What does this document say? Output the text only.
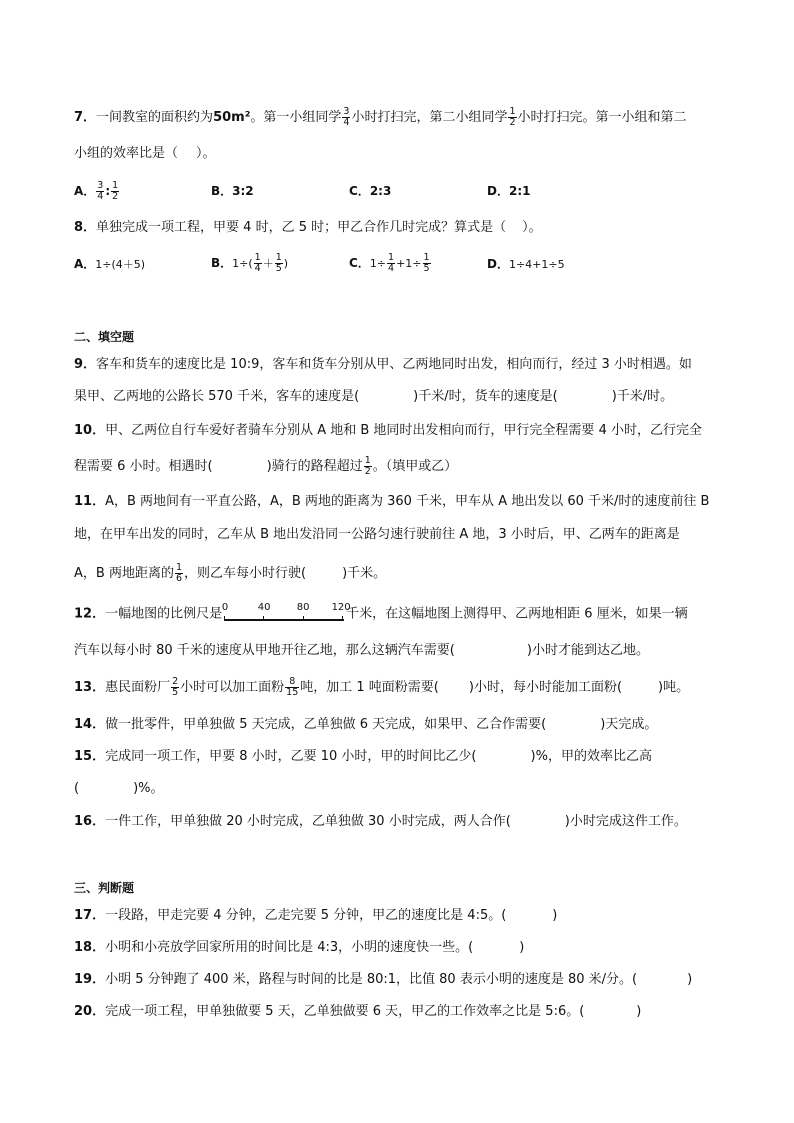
7．一间教室的面积约为50m²。第一小组同学 $\frac{3}{4}$ 小时打扫完，第二小组同学 $\frac{1}{2}$ 小时打扫完。第一小组和第二
小组的效率比是（ ）。
A． $\frac{3}{4}$ : $\frac{1}{2}$	B．3:2	C．2:3	D．2:1
8．单独完成一项工程，甲要 4 时，乙 5 时；甲乙合作几时完成？算式是（ ）。
A．1÷(4＋5)	B．$1\div( \frac{1}{4} + \frac{1}{5}$ )	C．$1\div \frac{1}{4} +1\div \frac{1}{5}$	D．1÷4+1÷5
二、填空题
9．客车和货车的速度比是 10:9，客车和货车分别从甲、乙两地同时出发，相向而行，经过 3 小时相遇。如
果甲、乙两地的公路长 570 千米，客车的速度是(	)千米/时，货车的速度是(	)千米/时。
10．甲、乙两位自行车爱好者骑车分别从 A 地和 B 地同时出发相向而行，甲行完全程需要 4 小时，乙行完全
程需要 6 小时。相遇时(	)骑行的路程超过 $\frac{1}{2}$ 。（填甲或乙）
11．A，B 两地间有一平直公路，A，B 两地的距离为 360 千米，甲车从 A 地出发以 60 千米/时的速度前往 B
地，在甲车出发的同时，乙车从 B 地出发沿同一公路匀速行驶前往 A 地，3 小时后，甲、乙两车的距离是
A，B 两地距离的 $\frac{1}{6}$ ，则乙车每小时行驶(	)千米。
12．一幅地图的比例尺是 0	40	80 120
千米，在这幅地图上测得甲、乙两地相距 6 厘米，如果一辆
汽车以每小时 80 千米的速度从甲地开往乙地，那么这辆汽车需要(	)小时才能到达乙地。
13．惠民面粉厂 $\frac{2}{5}$ 小时可以加工面粉 $\frac{8}{15}$ 吨，加工 1 吨面粉需要( )小时，每小时能加工面粉(	)吨。
14．做一批零件，甲单独做 5 天完成，乙单独做 6 天完成，如果甲、乙合作需要(	)天完成。
15．完成同一项工作，甲要 8 小时，乙要 10 小时，甲的时间比乙少(	)%，甲的效率比乙高
(	)%。
16．一件工作，甲单独做 20 小时完成，乙单独做 30 小时完成，两人合作(	)小时完成这件工作。
三、判断题
17．一段路，甲走完要 4 分钟，乙走完要 5 分钟，甲乙的速度比是 4:5。(	)
18．小明和小亮放学回家所用的时间比是 4:3，小明的速度快一些。(	)
19．小明 5 分钟跑了 400 米，路程与时间的比是 80:1，比值 80 表示小明的速度是 80 米/分。(	)
20．完成一项工程，甲单独做要 5 天，乙单独做要 6 天，甲乙的工作效率之比是 5:6。(	)
